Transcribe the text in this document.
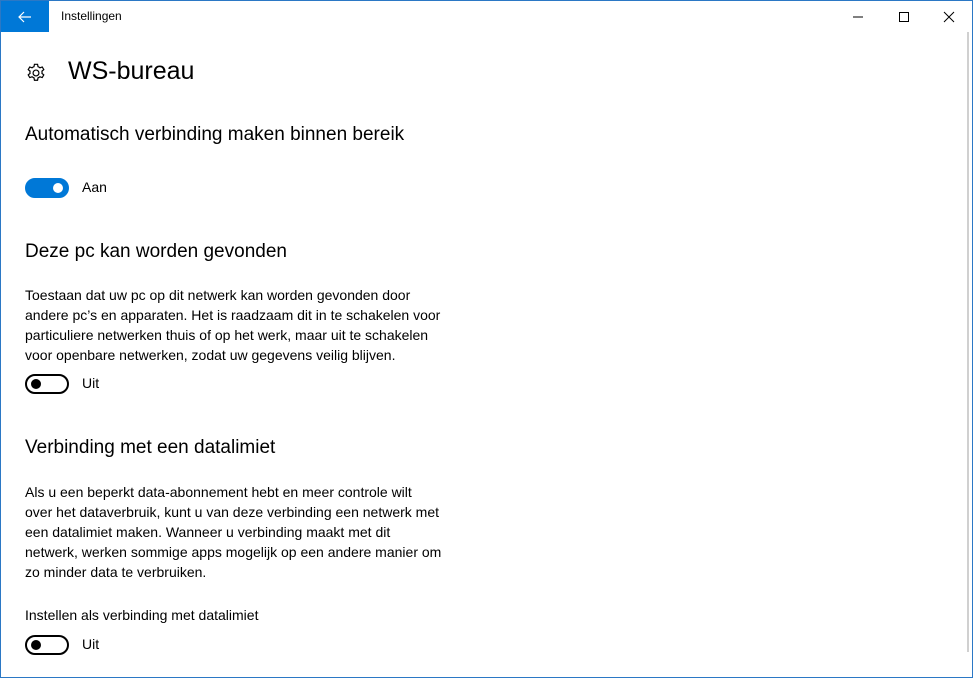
Instellingen
WS-bureau
Automatisch verbinding maken binnen bereik
Aan
Deze pc kan worden gevonden

Toestaan dat uw pc op dit netwerk kan worden gevonden door

andere pc’s en apparaten. Het is raadzaam dit in te schakelen voor

particuliere netwerken thuis of op het werk, maar uit te schakelen

voor openbare netwerken, zodat uw gegevens veilig blijven.

Uit
Verbinding met een datalimiet

Als u een beperkt data-abonnement hebt en meer controle wilt

over het dataverbruik, kunt u van deze verbinding een netwerk met

een datalimiet maken. Wanneer u verbinding maakt met dit

netwerk, werken sommige apps mogelijk op een andere manier om

zo minder data te verbruiken.

Instellen als verbinding met datalimiet
Uit
